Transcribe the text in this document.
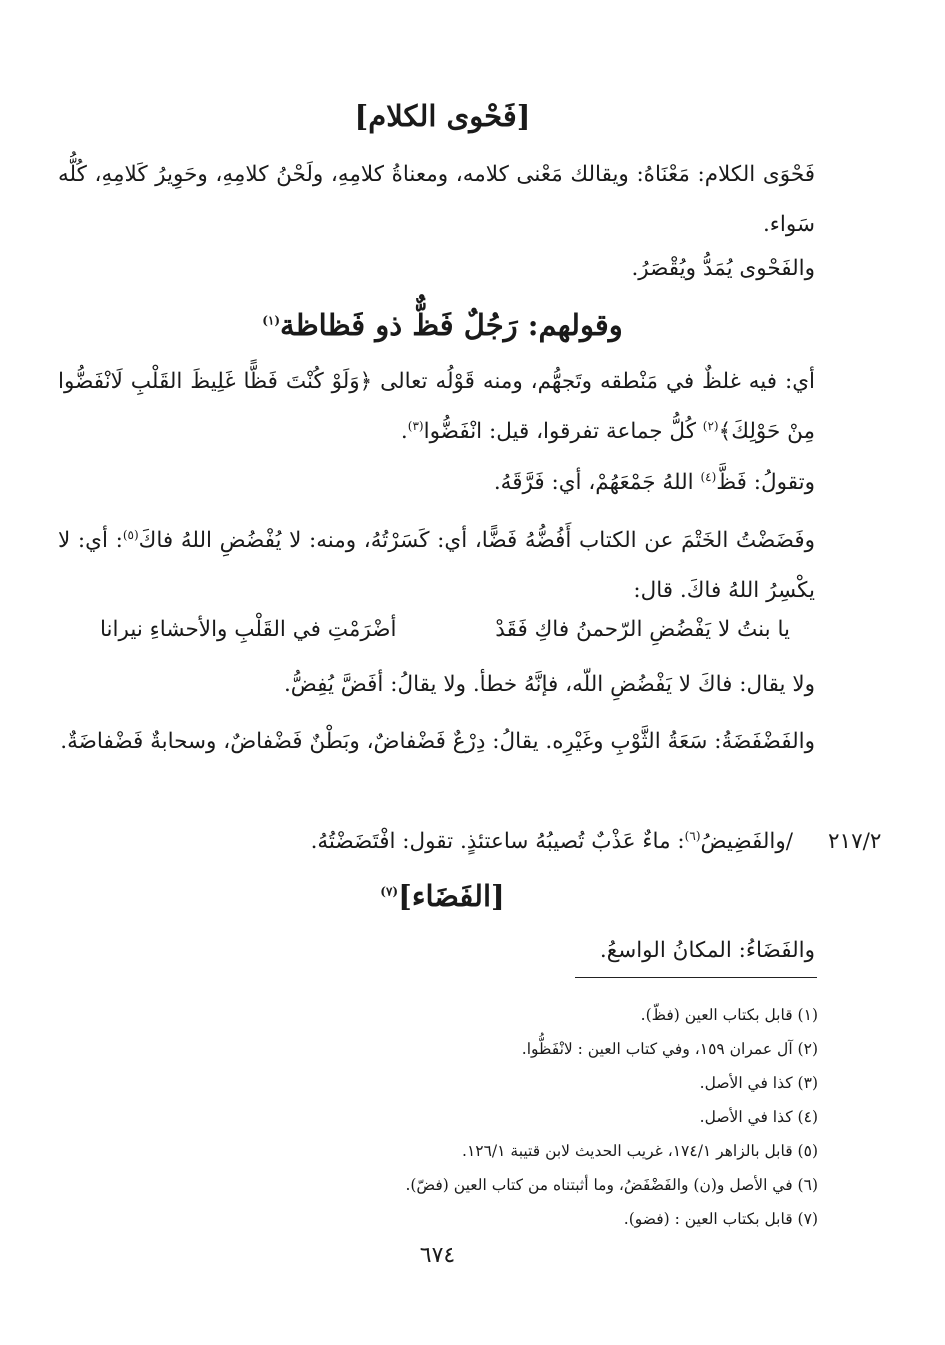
[فَحْوى الكلام]
فَحْوَى الكلام: مَعْنَاهُ: ويقالك مَعْنى كلامه، ومعناةُ كلامِهِ، ولَحْنُ كلامِهِ، وحَوِيرُ كَلامِهِ، كُلُّه سَواء.
والفَحْوى يُمَدُّ ويُقْصَرُ.
وقولهم: رَجُلٌ فَظٌّ ذو فَظاظة$^{(١)}$
أي: فيه غلظٌ في مَنْطقه وتَجهُّم، ومنه قَوْلُه تعالى ﴿وَلَوْ كُنْتَ فَظًّا غَلِيظَ القَلْبِ لَانْفَضُّوا مِنْ حَوْلِكَ﴾$^{(٢)}$ كُلُّ جماعة تفرقوا، قيل: انْفَضُّوا$^{(٣)}$.
وتقولُ: فَظَّ$^{(٤)}$ اللهُ جَمْعَهُمْ، أي: فَرَّقَهُ.
وفَضَضْتُ الخَتْمَ عن الكتاب أَفُضُّهُ فَضًّا، أي: كَسَرْتُهُ، ومنه: لا يُفْضُضِ اللهُ فاكَ$^{(٥)}$: أي: لا يكْسِرُ اللهُ فاكَ. قال:
يا بنتُ لا يَفْضُضِ الرّحمنُ فاكِ فَقَدْ
أضْرَمْتِ في القَلْبِ والأحشاءِ نيرانا
ولا يقال: فاكَ لا يَفْضُضِ اللّه، فإنَّهُ خطأ. ولا يقالُ: أفَضَّ يُفِضُّ.
والفَضْفَضَةُ: سَعَةُ الثَّوْبِ وغَيْرِه. يقالُ: دِرْعٌ فَضْفاضٌ، وبَطْنٌ فَضْفاضٌ، وسحابةٌ فَضْفاضَةٌ.
٢١٧/٢
/والفَضِيضُ$^{(٦)}$: ماءٌ عَذْبٌ تُصيبُهُ ساعتئذٍ. تقول: افْتَضَضْتُهُ.
[الفَضَاء]$^{(٧)}$
والفَضَاءُ: المكانُ الواسعُ.
(١) قابل بكتاب العين (فظّ).
(٢) آل عمران ١٥٩، وفي كتاب العين : لانْفَظُّوا.
(٣) كذا في الأصل.
(٤) كذا في الأصل.
(٥) قابل بالزاهر ١٧٤/١، غريب الحديث لابن قتيبة ١٢٦/١.
(٦) في الأصل و(ن) والفَضْفَضُ، وما أثبتناه من كتاب العين (فضّ).
(٧) قابل بكتاب العين : (فضو).
٦٧٤
